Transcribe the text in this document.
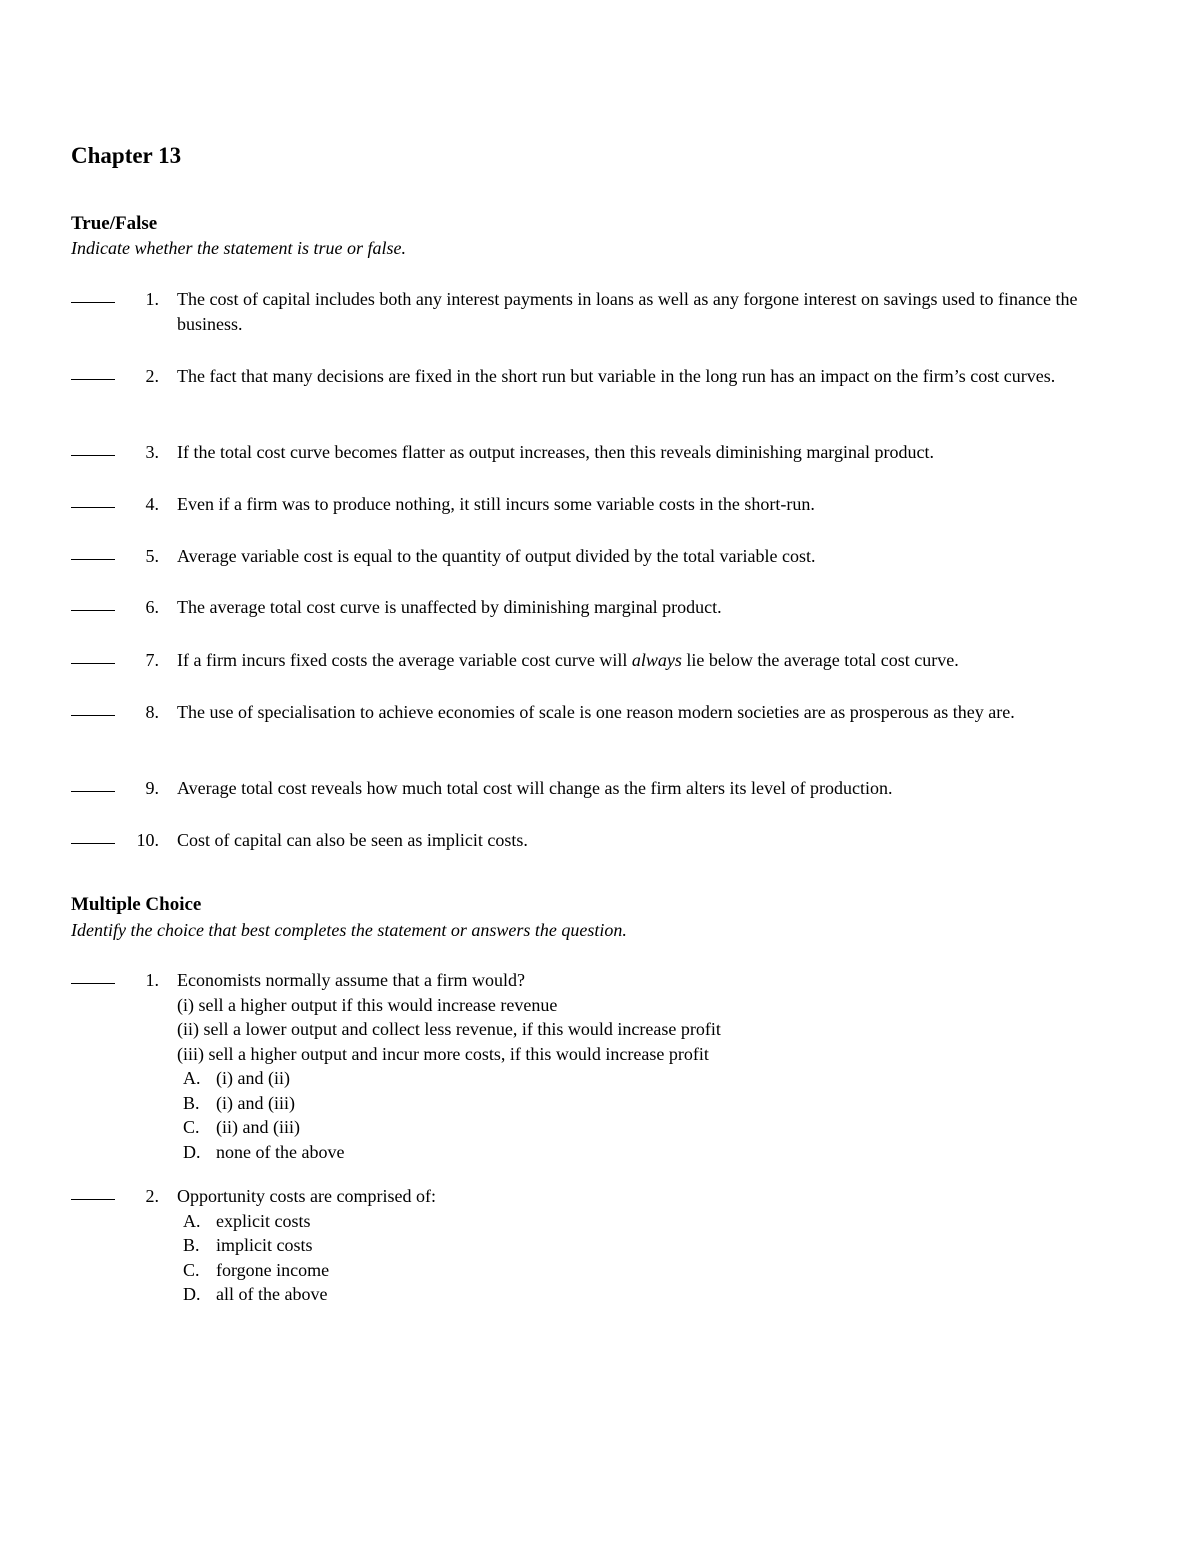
Chapter 13
True/False
Indicate whether the statement is true or false.
1. The cost of capital includes both any interest payments in loans as well as any forgone interest on savings used to finance the business.
2. The fact that many decisions are fixed in the short run but variable in the long run has an impact on the firm’s cost curves.
3. If the total cost curve becomes flatter as output increases, then this reveals diminishing marginal product.
4. Even if a firm was to produce nothing, it still incurs some variable costs in the short-run.
5. Average variable cost is equal to the quantity of output divided by the total variable cost.
6. The average total cost curve is unaffected by diminishing marginal product.
7. If a firm incurs fixed costs the average variable cost curve will always lie below the average total cost curve.
8. The use of specialisation to achieve economies of scale is one reason modern societies are as prosperous as they are.
9. Average total cost reveals how much total cost will change as the firm alters its level of production.
10. Cost of capital can also be seen as implicit costs.
Multiple Choice
Identify the choice that best completes the statement or answers the question.
1. Economists normally assume that a firm would?
(i) sell a higher output if this would increase revenue
(ii) sell a lower output and collect less revenue, if this would increase profit
(iii) sell a higher output and incur more costs, if this would increase profit
A. (i) and (ii)
B. (i) and (iii)
C. (ii) and (iii)
D. none of the above
2. Opportunity costs are comprised of:
A. explicit costs
B. implicit costs
C. forgone income
D. all of the above
